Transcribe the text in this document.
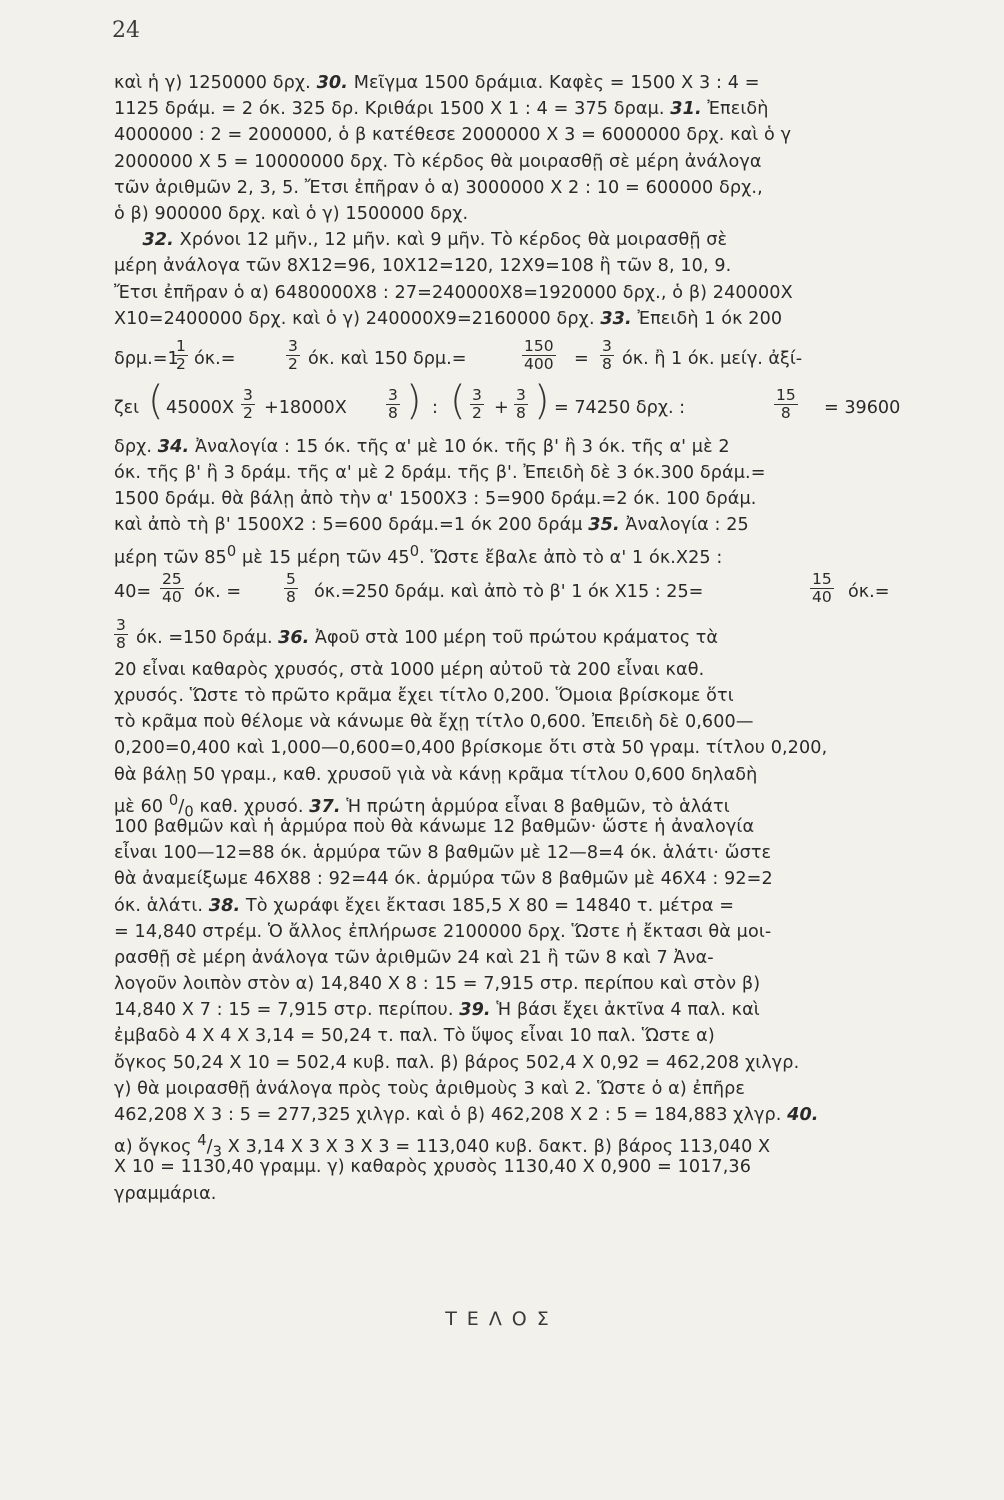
24
καὶ ἡ γ) 1250000 δρχ. 30. Μεῖγμα 1500 δράμια. Καφὲς = 1500 X 3 : 4 =
1125 δράμ. = 2 όκ. 325 δρ. Κριθάρι 1500 X 1 : 4 = 375 δραμ. 31. Ἐπειδὴ
4000000 : 2 = 2000000, ὁ β κατέθεσε 2000000 X 3 = 6000000 δρχ. καὶ ὁ γ
2000000 X 5 = 10000000 δρχ. Τὸ κέρδος θὰ μοιρασθῇ σὲ μέρη ἀνάλογα
τῶν ἀριθμῶν 2, 3, 5. Ἔτσι ἐπῆραν ὁ α) 3000000 X 2 : 10 = 600000 δρχ.,
ὁ β) 900000 δρχ. καὶ ὁ γ) 1500000 δρχ.
32. Χρόνοι 12 μῆν., 12 μῆν. καὶ 9 μῆν. Τὸ κέρδος θὰ μοιρασθῇ σὲ
μέρη ἀνάλογα τῶν 8X12=96, 10X12=120, 12X9=108 ἢ τῶν 8, 10, 9.
Ἔτσι ἐπῆραν ὁ α) 6480000X8 : 27=240000X8=1920000 δρχ., ὁ β) 240000X
X10=2400000 δρχ. καὶ ὁ γ) 240000X9=2160000 δρχ. 33. Ἐπειδὴ 1 όκ 200
δρμ.=1
$\frac{1}{2} ό\kappa.=$	$\frac{3}{2} ό\kappa$. καὶ 150 δρμ.=	$\frac{150}{400} = \frac{3}{8} ό\kappa$. ἢ 1 όκ. μείγ. ἀξί-
ζει ( $45000X \frac{3}{2} +18000X$	$\frac{3}{8}$ ) : ( $\frac{3}{2} + \frac{3}{8}$ ) = 74250 δρχ. :	$\frac{15}{8} = 39600$
δρχ. 34. Ἀναλογία : 15 όκ. τῆς α' μὲ 10 όκ. τῆς β' ἢ 3 όκ. τῆς α' μὲ 2
όκ. τῆς β' ἢ 3 δράμ. τῆς α' μὲ 2 δράμ. τῆς β'. Ἐπειδὴ δὲ 3 όκ.300 δράμ.=
1500 δράμ. θὰ βάλῃ ἀπὸ τὴν α' 1500X3 : 5=900 δράμ.=2 όκ. 100 δράμ.
καὶ ἀπὸ τὴ β' 1500X2 : 5=600 δράμ.=1 όκ 200 δράμ 35. Ἀναλογία : 25
μέρη τῶν $85^0$ μὲ 15 μέρη τῶν $45^0$. Ὥστε ἔβαλε ἀπὸ τὸ α' 1 όκ.X25 :
$40= \frac{25}{40} ό\kappa$. =	$\frac{5}{8} ό\kappa.=250$ δράμ. καὶ ἀπὸ τὸ β' 1 όκ X15 : 25=	$\frac{15}{40} ό\kappa.=$
$\frac{3}{8} ό\kappa$. =150 δράμ. 36. Ἀφοῦ στὰ 100 μέρη τοῦ πρώτου κράματος τὰ
20 εἶναι καθαρὸς χρυσός, στὰ 1000 μέρη αὐτοῦ τὰ 200 εἶναι καθ.
χρυσός. Ὥστε τὸ πρῶτο κρᾶμα ἔχει τίτλο 0,200. Ὅμοια βρίσκομε ὅτι
τὸ κρᾶμα ποὺ θέλομε νὰ κάνωμε θὰ ἔχῃ τίτλο 0,600. Ἐπειδὴ δὲ 0,600—
0,200=0,400 καὶ 1,000—0,600=0,400 βρίσκομε ὅτι στὰ 50 γραμ. τίτλου 0,200,
θὰ βάλῃ 50 γραμ., καθ. χρυσοῦ γιὰ νὰ κάνῃ κρᾶμα τίτλου 0,600 δηλαδὴ
μὲ 60 $^0/_0$ καθ. χρυσό. 37. Ἡ πρώτη ἁρμύρα εἶναι 8 βαθμῶν, τὸ ἁλάτι
100 βαθμῶν καὶ ἡ ἁρμύρα ποὺ θὰ κάνωμε 12 βαθμῶν· ὥστε ἡ ἀναλογία
εἶναι 100—12=88 όκ. ἁρμύρα τῶν 8 βαθμῶν μὲ 12—8=4 όκ. ἁλάτι· ὥστε
θὰ ἀναμείξωμε 46X88 : 92=44 όκ. ἁρμύρα τῶν 8 βαθμῶν μὲ 46X4 : 92=2
όκ. ἁλάτι. 38. Τὸ χωράφι ἔχει ἔκτασι 185,5 X 80 = 14840 τ. μέτρα =
= 14,840 στρέμ. Ὁ ἄλλος ἐπλήρωσε 2100000 δρχ. Ὥστε ἡ ἔκτασι θὰ μοι-
ρασθῇ σὲ μέρη ἀνάλογα τῶν ἀριθμῶν 24 καὶ 21 ἢ τῶν 8 καὶ 7 Ἀνα-
λογοῦν λοιπὸν στὸν α) 14,840 X 8 : 15 = 7,915 στρ. περίπου καὶ στὸν β)
14,840 X 7 : 15 = 7,915 στρ. περίπου. 39. Ἡ βάσι ἔχει ἀκτῖνα 4 παλ. καὶ
ἐμβαδὸ 4 X 4 X 3,14 = 50,24 τ. παλ. Τὸ ὕψος εἶναι 10 παλ. Ὥστε α)
ὄγκος 50,24 X 10 = 502,4 κυβ. παλ. β) βάρος 502,4 X 0,92 = 462,208 χιλγρ.
γ) θὰ μοιρασθῇ ἀνάλογα πρὸς τοὺς ἀριθμοὺς 3 καὶ 2. Ὥστε ὁ α) ἐπῆρε
462,208 X 3 : 5 = 277,325 χιλγρ. καὶ ὁ β) 462,208 X 2 : 5 = 184,883 χλγρ. 40.
α) ὄγκος $^4/_3$ X 3,14 X 3 X 3 X 3 = 113,040 κυβ. δακτ. β) βάρος 113,040 X
X 10 = 1130,40 γραμμ. γ) καθαρὸς χρυσὸς 1130,40 X 0,900 = 1017,36
γραμμάρια.
ΤΕΛΟΣ
